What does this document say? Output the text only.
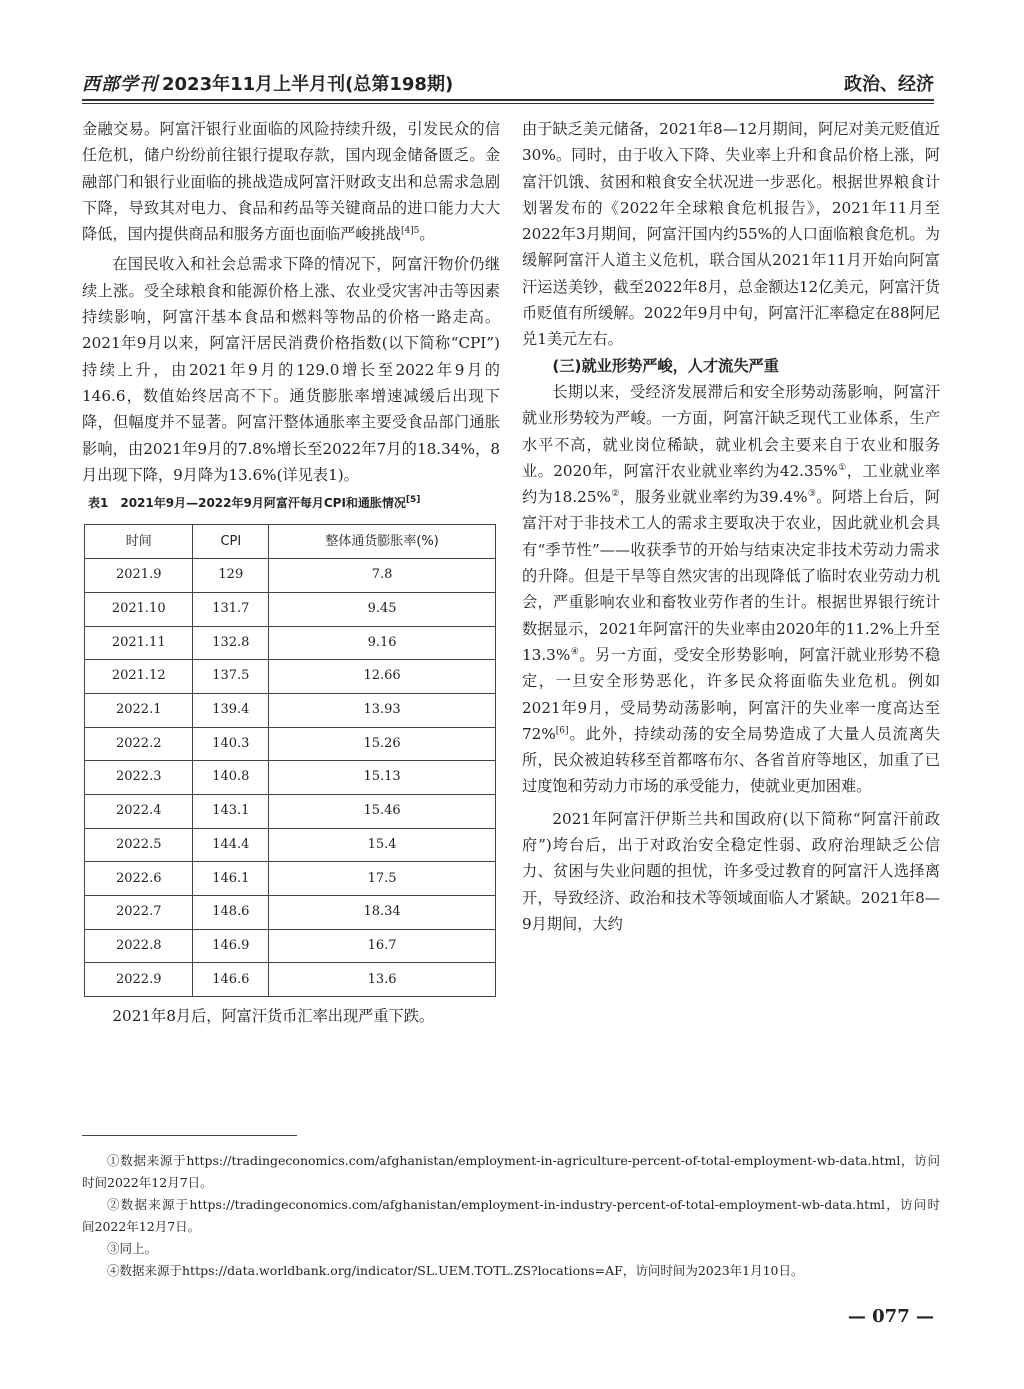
西部学刊 2023年11月上半月刊(总第198期)	政治、经济

金融交易。阿富汗银行业面临的风险持续升级，引发民众的信任危机，储户纷纷前往银行提取存款，国内现金储备匮乏。金融部门和银行业面临的挑战造成阿富汗财政支出和总需求急剧下降，导致其对电力、食品和药品等关键商品的进口能力大大降低，国内提供商品和服务方面也面临严峻挑战$^{[4]5}$。

在国民收入和社会总需求下降的情况下，阿富汗物价仍继续上涨。受全球粮食和能源价格上涨、农业受灾害冲击等因素持续影响，阿富汗基本食品和燃料等物品的价格一路走高。2021年9月以来，阿富汗居民消费价格指数(以下简称“CPI”)持续上升，由2021年9月的129.0增长至2022年9月的146.6，数值始终居高不下。通货膨胀率增速减缓后出现下降，但幅度并不显著。阿富汗整体通胀率主要受食品部门通胀影响，由2021年9月的7.8%增长至2022年7月的18.34%，8月出现下降，9月降为13.6%(详见表1)。

表1　2021年9月—2022年9月阿富汗每月CPI和通胀情况[5]
时间	CPI	整体通货膨胀率(%)
2021.9	129	7.8
2021.10	131.7	9.45
2021.11	132.8	9.16
2021.12	137.5	12.66
2022.1	139.4	13.93
2022.2	140.3	15.26
2022.3	140.8	15.13
2022.4	143.1	15.46
2022.5	144.4	15.4
2022.6	146.1	17.5
2022.7	148.6	18.34
2022.8	146.9	16.7
2022.9	146.6	13.6

2021年8月后，阿富汗货币汇率出现严重下跌。

由于缺乏美元储备，2021年8—12月期间，阿尼对美元贬值近30%。同时，由于收入下降、失业率上升和食品价格上涨，阿富汗饥饿、贫困和粮食安全状况进一步恶化。根据世界粮食计划署发布的《2022年全球粮食危机报告》，2021年11月至2022年3月期间，阿富汗国内约55%的人口面临粮食危机。为缓解阿富汗人道主义危机，联合国从2021年11月开始向阿富汗运送美钞，截至2022年8月，总金额达12亿美元，阿富汗货币贬值有所缓解。2022年9月中旬，阿富汗汇率稳定在88阿尼兑1美元左右。

(三)就业形势严峻，人才流失严重

长期以来，受经济发展滞后和安全形势动荡影响，阿富汗就业形势较为严峻。一方面，阿富汗缺乏现代工业体系，生产水平不高，就业岗位稀缺，就业机会主要来自于农业和服务业。2020年，阿富汗农业就业率约为42.35%①，工业就业率约为18.25%②，服务业就业率约为39.4%③。阿塔上台后，阿富汗对于非技术工人的需求主要取决于农业，因此就业机会具有“季节性”——收获季节的开始与结束决定非技术劳动力需求的升降。但是干旱等自然灾害的出现降低了临时农业劳动力机会，严重影响农业和畜牧业劳作者的生计。根据世界银行统计数据显示，2021年阿富汗的失业率由2020年的11.2%上升至13.3%④。另一方面，受安全形势影响，阿富汗就业形势不稳定，一旦安全形势恶化，许多民众将面临失业危机。例如2021年9月，受局势动荡影响，阿富汗的失业率一度高达至72%[6]。此外，持续动荡的安全局势造成了大量人员流离失所，民众被迫转移至首都喀布尔、各省首府等地区，加重了已过度饱和劳动力市场的承受能力，使就业更加困难。

2021年阿富汗伊斯兰共和国政府(以下简称“阿富汗前政府”)垮台后，出于对政治安全稳定性弱、政府治理缺乏公信力、贫困与失业问题的担忧，许多受过教育的阿富汗人选择离开，导致经济、政治和技术等领域面临人才紧缺。2021年8—9月期间，大约

①数据来源于https://tradingeconomics.com/afghanistan/employment-in-agriculture-percent-of-total-employment-wb-data.html，访问时间2022年12月7日。
②数据来源于https://tradingeconomics.com/afghanistan/employment-in-industry-percent-of-total-employment-wb-data.html，访问时间2022年12月7日。
③同上。
④数据来源于https://data.worldbank.org/indicator/SL.UEM.TOTL.ZS?locations=AF，访问时间为2023年1月10日。
— 077 —
